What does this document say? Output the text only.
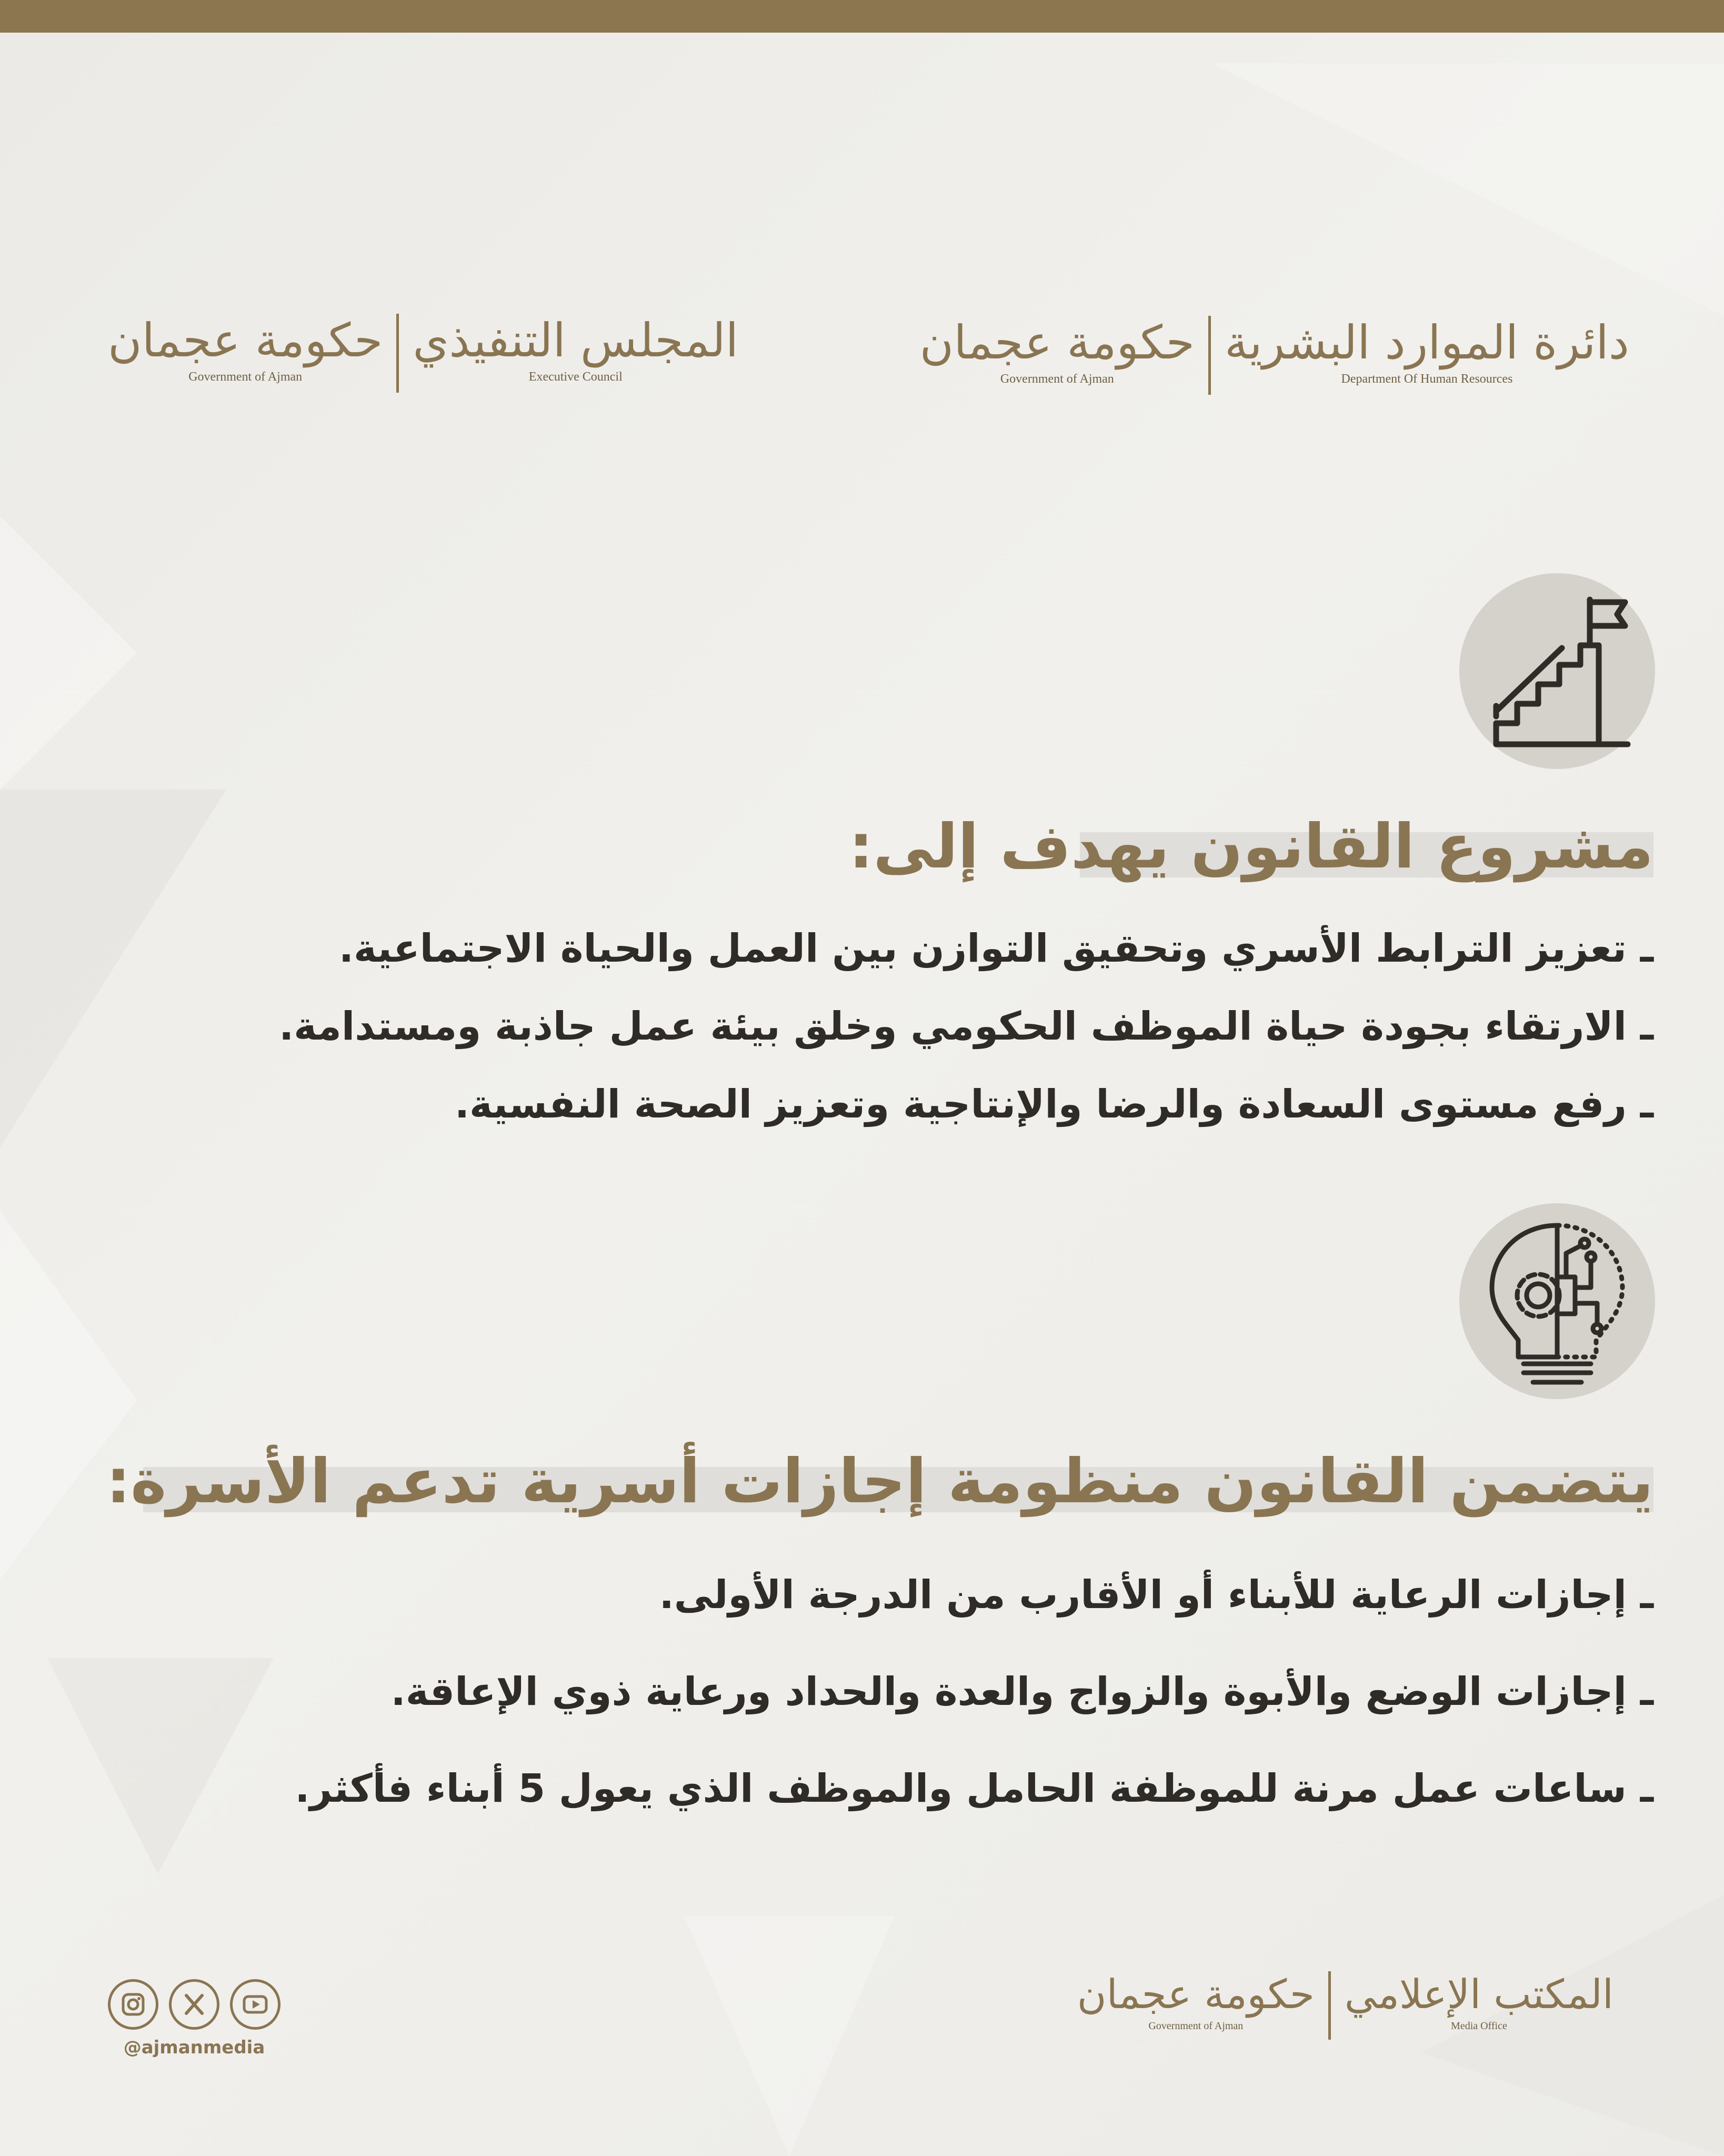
دائرة الموارد البشرية
Department Of Human Resources
حكومة عجمان
Government of Ajman
المجلس التنفيذي
Executive Council
حكومة عجمان
Government of Ajman
مشروع القانون يهدف إلى:
ـ تعزيز الترابط الأسري وتحقيق التوازن بين العمل والحياة الاجتماعية.
ـ الارتقاء بجودة حياة الموظف الحكومي وخلق بيئة عمل جاذبة ومستدامة.
ـ رفع مستوى السعادة والرضا والإنتاجية وتعزيز الصحة النفسية.
يتضمن القانون منظومة إجازات أسرية تدعم الأسرة:
ـ إجازات الرعاية للأبناء أو الأقارب من الدرجة الأولى.
ـ إجازات الوضع والأبوة والزواج والعدة والحداد ورعاية ذوي الإعاقة.
ـ ساعات عمل مرنة للموظفة الحامل والموظف الذي يعول 5 أبناء فأكثر.
@ajmanmedia
المكتب الإعلامي
Media Office
حكومة عجمان
Government of Ajman
